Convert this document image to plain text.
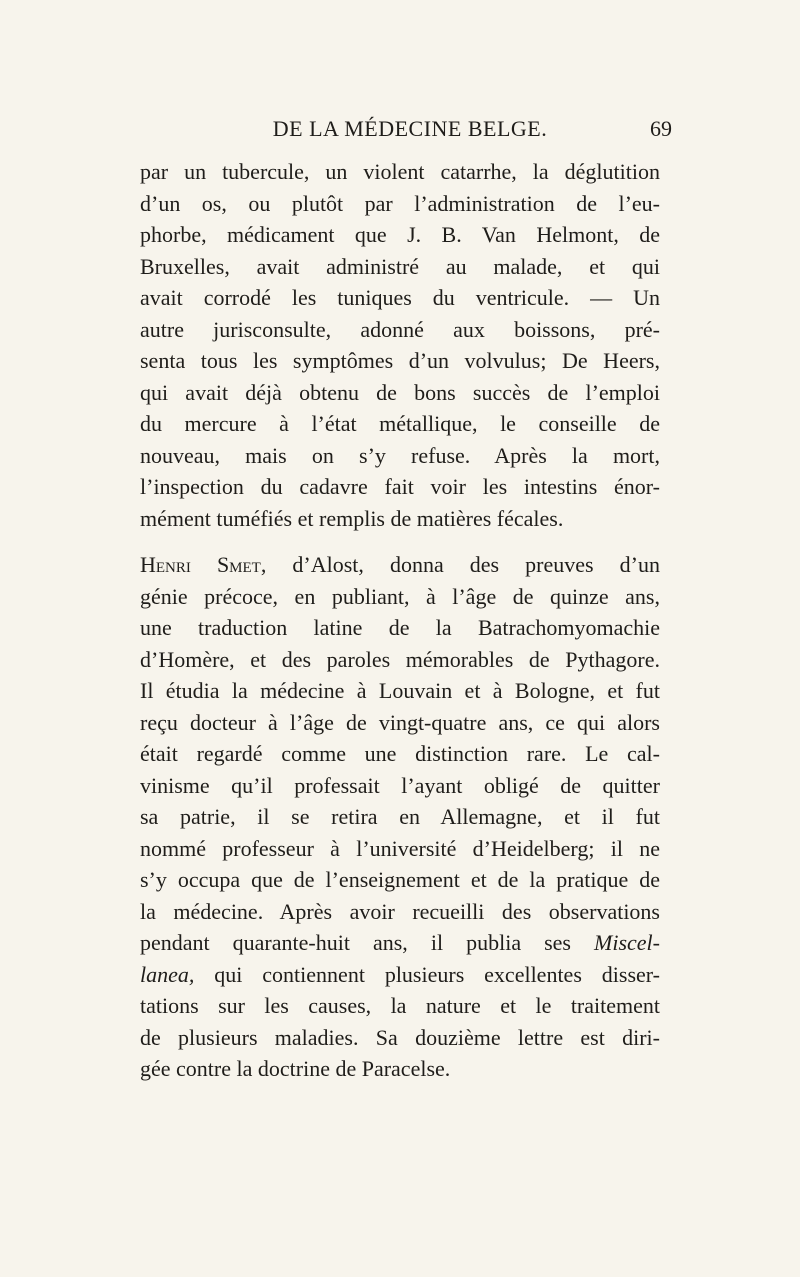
DE LA MÉDECINE BELGE.	69
par un tubercule, un violent catarrhe, la déglutition
d’un os, ou plutôt par l’administration de l’eu-
phorbe, médicament que J. B. Van Helmont, de
Bruxelles, avait administré au malade, et qui
avait corrodé les tuniques du ventricule. — Un
autre jurisconsulte, adonné aux boissons, pré-
senta tous les symptômes d’un volvulus; De Heers,
qui avait déjà obtenu de bons succès de l’emploi
du mercure à l’état métallique, le conseille de
nouveau, mais on s’y refuse. Après la mort,
l’inspection du cadavre fait voir les intestins énor-
mément tuméfiés et remplis de matières fécales.
Henri Smet, d’Alost, donna des preuves d’un
génie précoce, en publiant, à l’âge de quinze ans,
une traduction latine de la Batrachomyomachie
d’Homère, et des paroles mémorables de Pythagore.
Il étudia la médecine à Louvain et à Bologne, et fut
reçu docteur à l’âge de vingt-quatre ans, ce qui alors
était regardé comme une distinction rare. Le cal-
vinisme qu’il professait l’ayant obligé de quitter
sa patrie, il se retira en Allemagne, et il fut
nommé professeur à l’université d’Heidelberg; il ne
s’y occupa que de l’enseignement et de la pratique de
la médecine. Après avoir recueilli des observations
pendant quarante-huit ans, il publia ses Miscel-
lanea, qui contiennent plusieurs excellentes disser-
tations sur les causes, la nature et le traitement
de plusieurs maladies. Sa douzième lettre est diri-
gée contre la doctrine de Paracelse.
